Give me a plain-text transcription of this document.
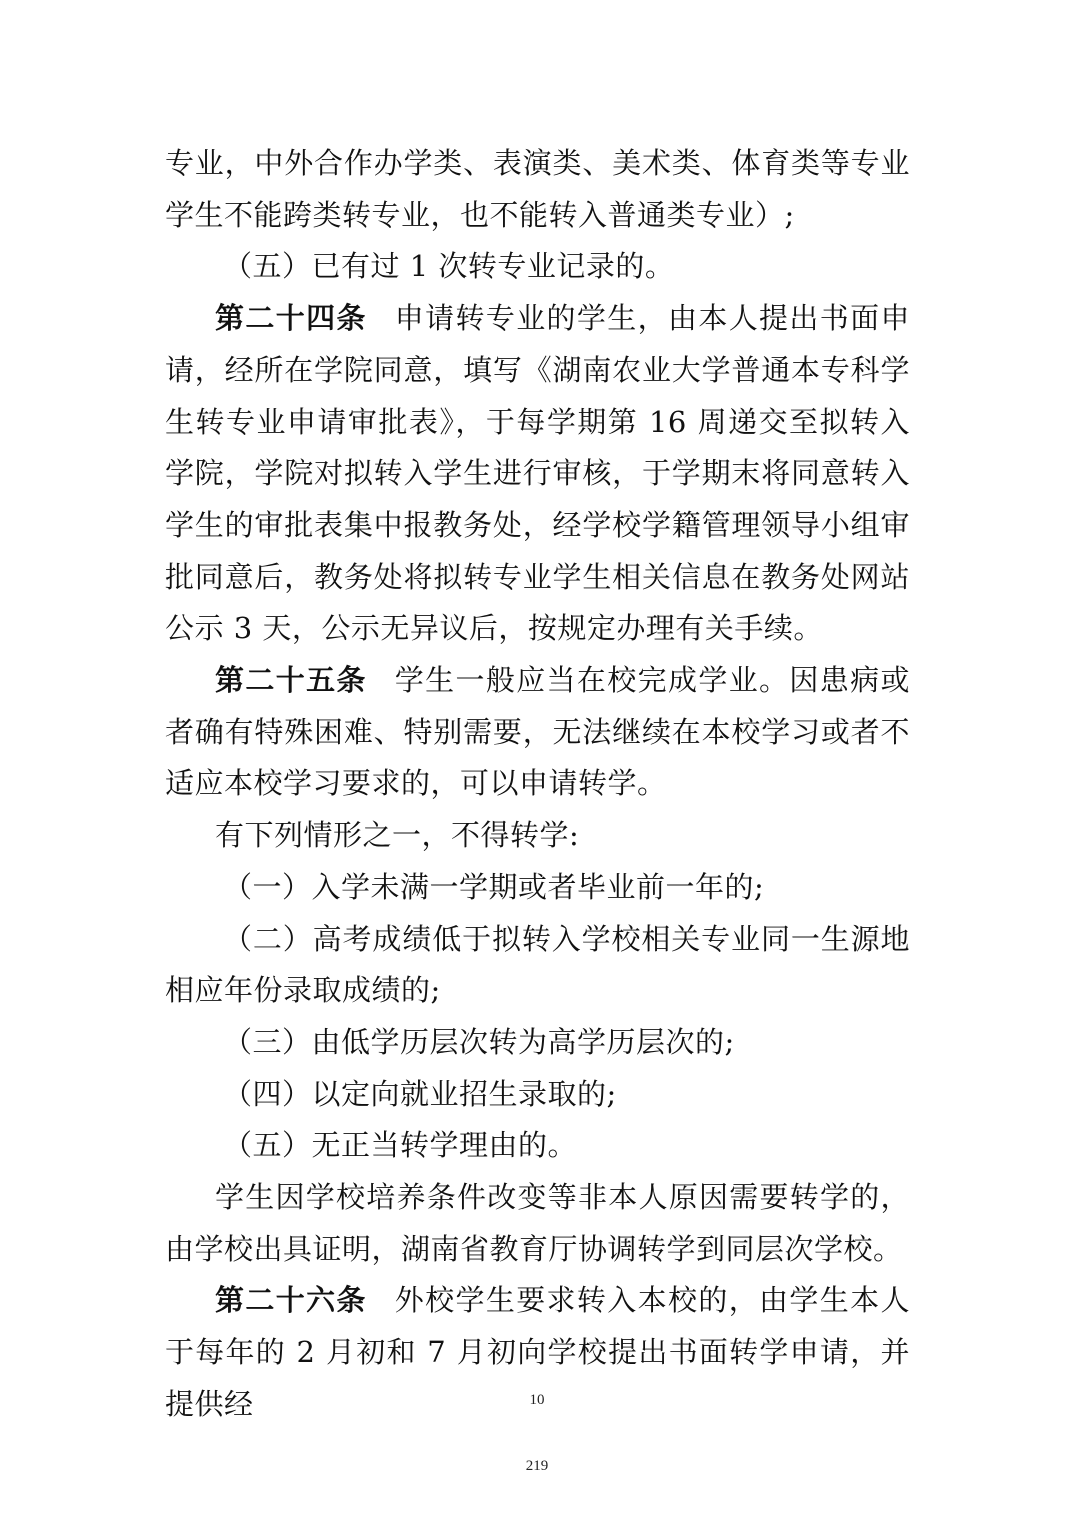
专业，中外合作办学类、表演类、美术类、体育类等专业学生不能跨类转专业，也不能转入普通类专业）;

（五）已有过 1 次转专业记录的。

第二十四条 申请转专业的学生，由本人提出书面申请，经所在学院同意，填写《湖南农业大学普通本专科学生转专业申请审批表》，于每学期第 16 周递交至拟转入学院，学院对拟转入学生进行审核，于学期末将同意转入学生的审批表集中报教务处，经学校学籍管理领导小组审批同意后，教务处将拟转专业学生相关信息在教务处网站公示 3 天，公示无异议后，按规定办理有关手续。

第二十五条 学生一般应当在校完成学业。因患病或者确有特殊困难、特别需要，无法继续在本校学习或者不适应本校学习要求的，可以申请转学。

有下列情形之一，不得转学:

（一）入学未满一学期或者毕业前一年的;

（二）高考成绩低于拟转入学校相关专业同一生源地相应年份录取成绩的;

（三）由低学历层次转为高学历层次的;

（四）以定向就业招生录取的;

（五）无正当转学理由的。

学生因学校培养条件改变等非本人原因需要转学的，由学校出具证明，湖南省教育厅协调转学到同层次学校。

第二十六条 外校学生要求转入本校的，由学生本人于每年的 2 月初和 7 月初向学校提出书面转学申请，并提供经	10
219
